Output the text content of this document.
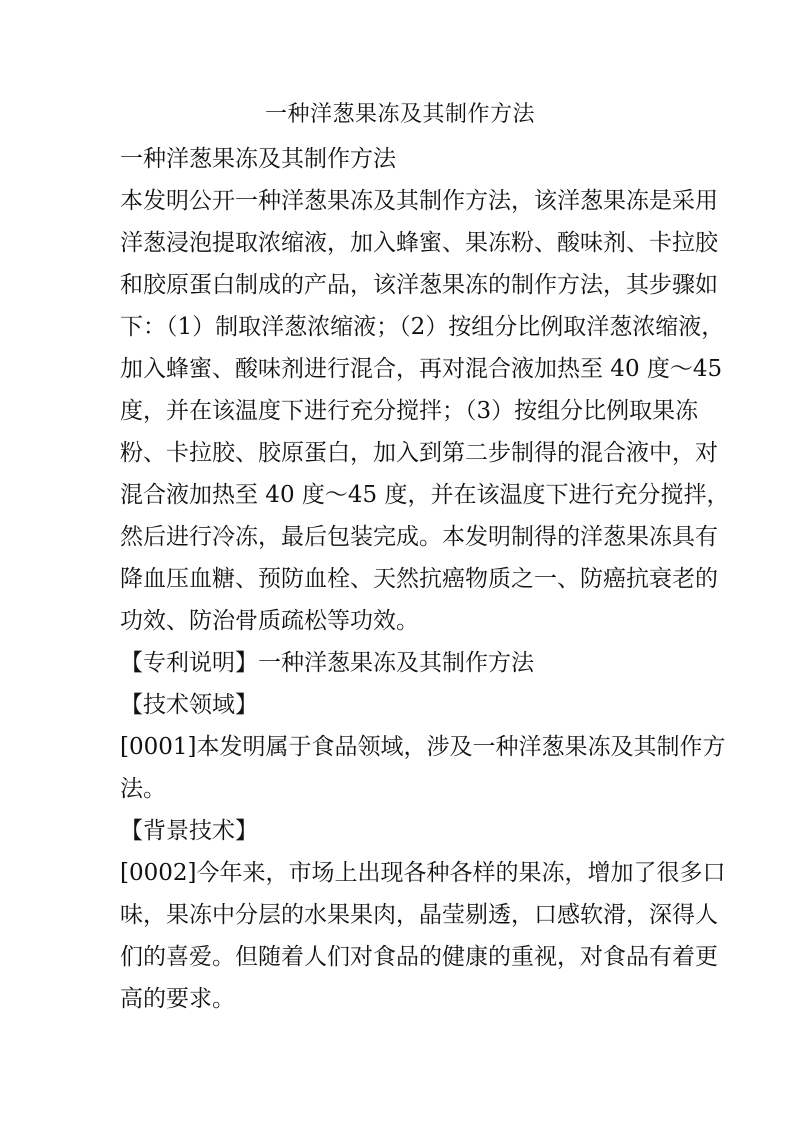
一种洋葱果冻及其制作方法
一种洋葱果冻及其制作方法
本发明公开一种洋葱果冻及其制作方法，该洋葱果冻是采用
洋葱浸泡提取浓缩液，加入蜂蜜、果冻粉、酸味剂、卡拉胶
和胶原蛋白制成的产品，该洋葱果冻的制作方法，其步骤如
下：（1）制取洋葱浓缩液；（2）按组分比例取洋葱浓缩液，
加入蜂蜜、酸味剂进行混合，再对混合液加热至 40 度～45
度，并在该温度下进行充分搅拌；（3）按组分比例取果冻
粉、卡拉胶、胶原蛋白，加入到第二步制得的混合液中，对
混合液加热至 40 度～45 度，并在该温度下进行充分搅拌，
然后进行冷冻，最后包装完成。本发明制得的洋葱果冻具有
降血压血糖、预防血栓、天然抗癌物质之一、防癌抗衰老的
功效、防治骨质疏松等功效。
【专利说明】一种洋葱果冻及其制作方法
【技术领域】
[0001]本发明属于食品领域，涉及一种洋葱果冻及其制作方
法。
【背景技术】
[0002]今年来，市场上出现各种各样的果冻，增加了很多口
味，果冻中分层的水果果肉，晶莹剔透，口感软滑，深得人
们的喜爱。但随着人们对食品的健康的重视，对食品有着更
高的要求。
